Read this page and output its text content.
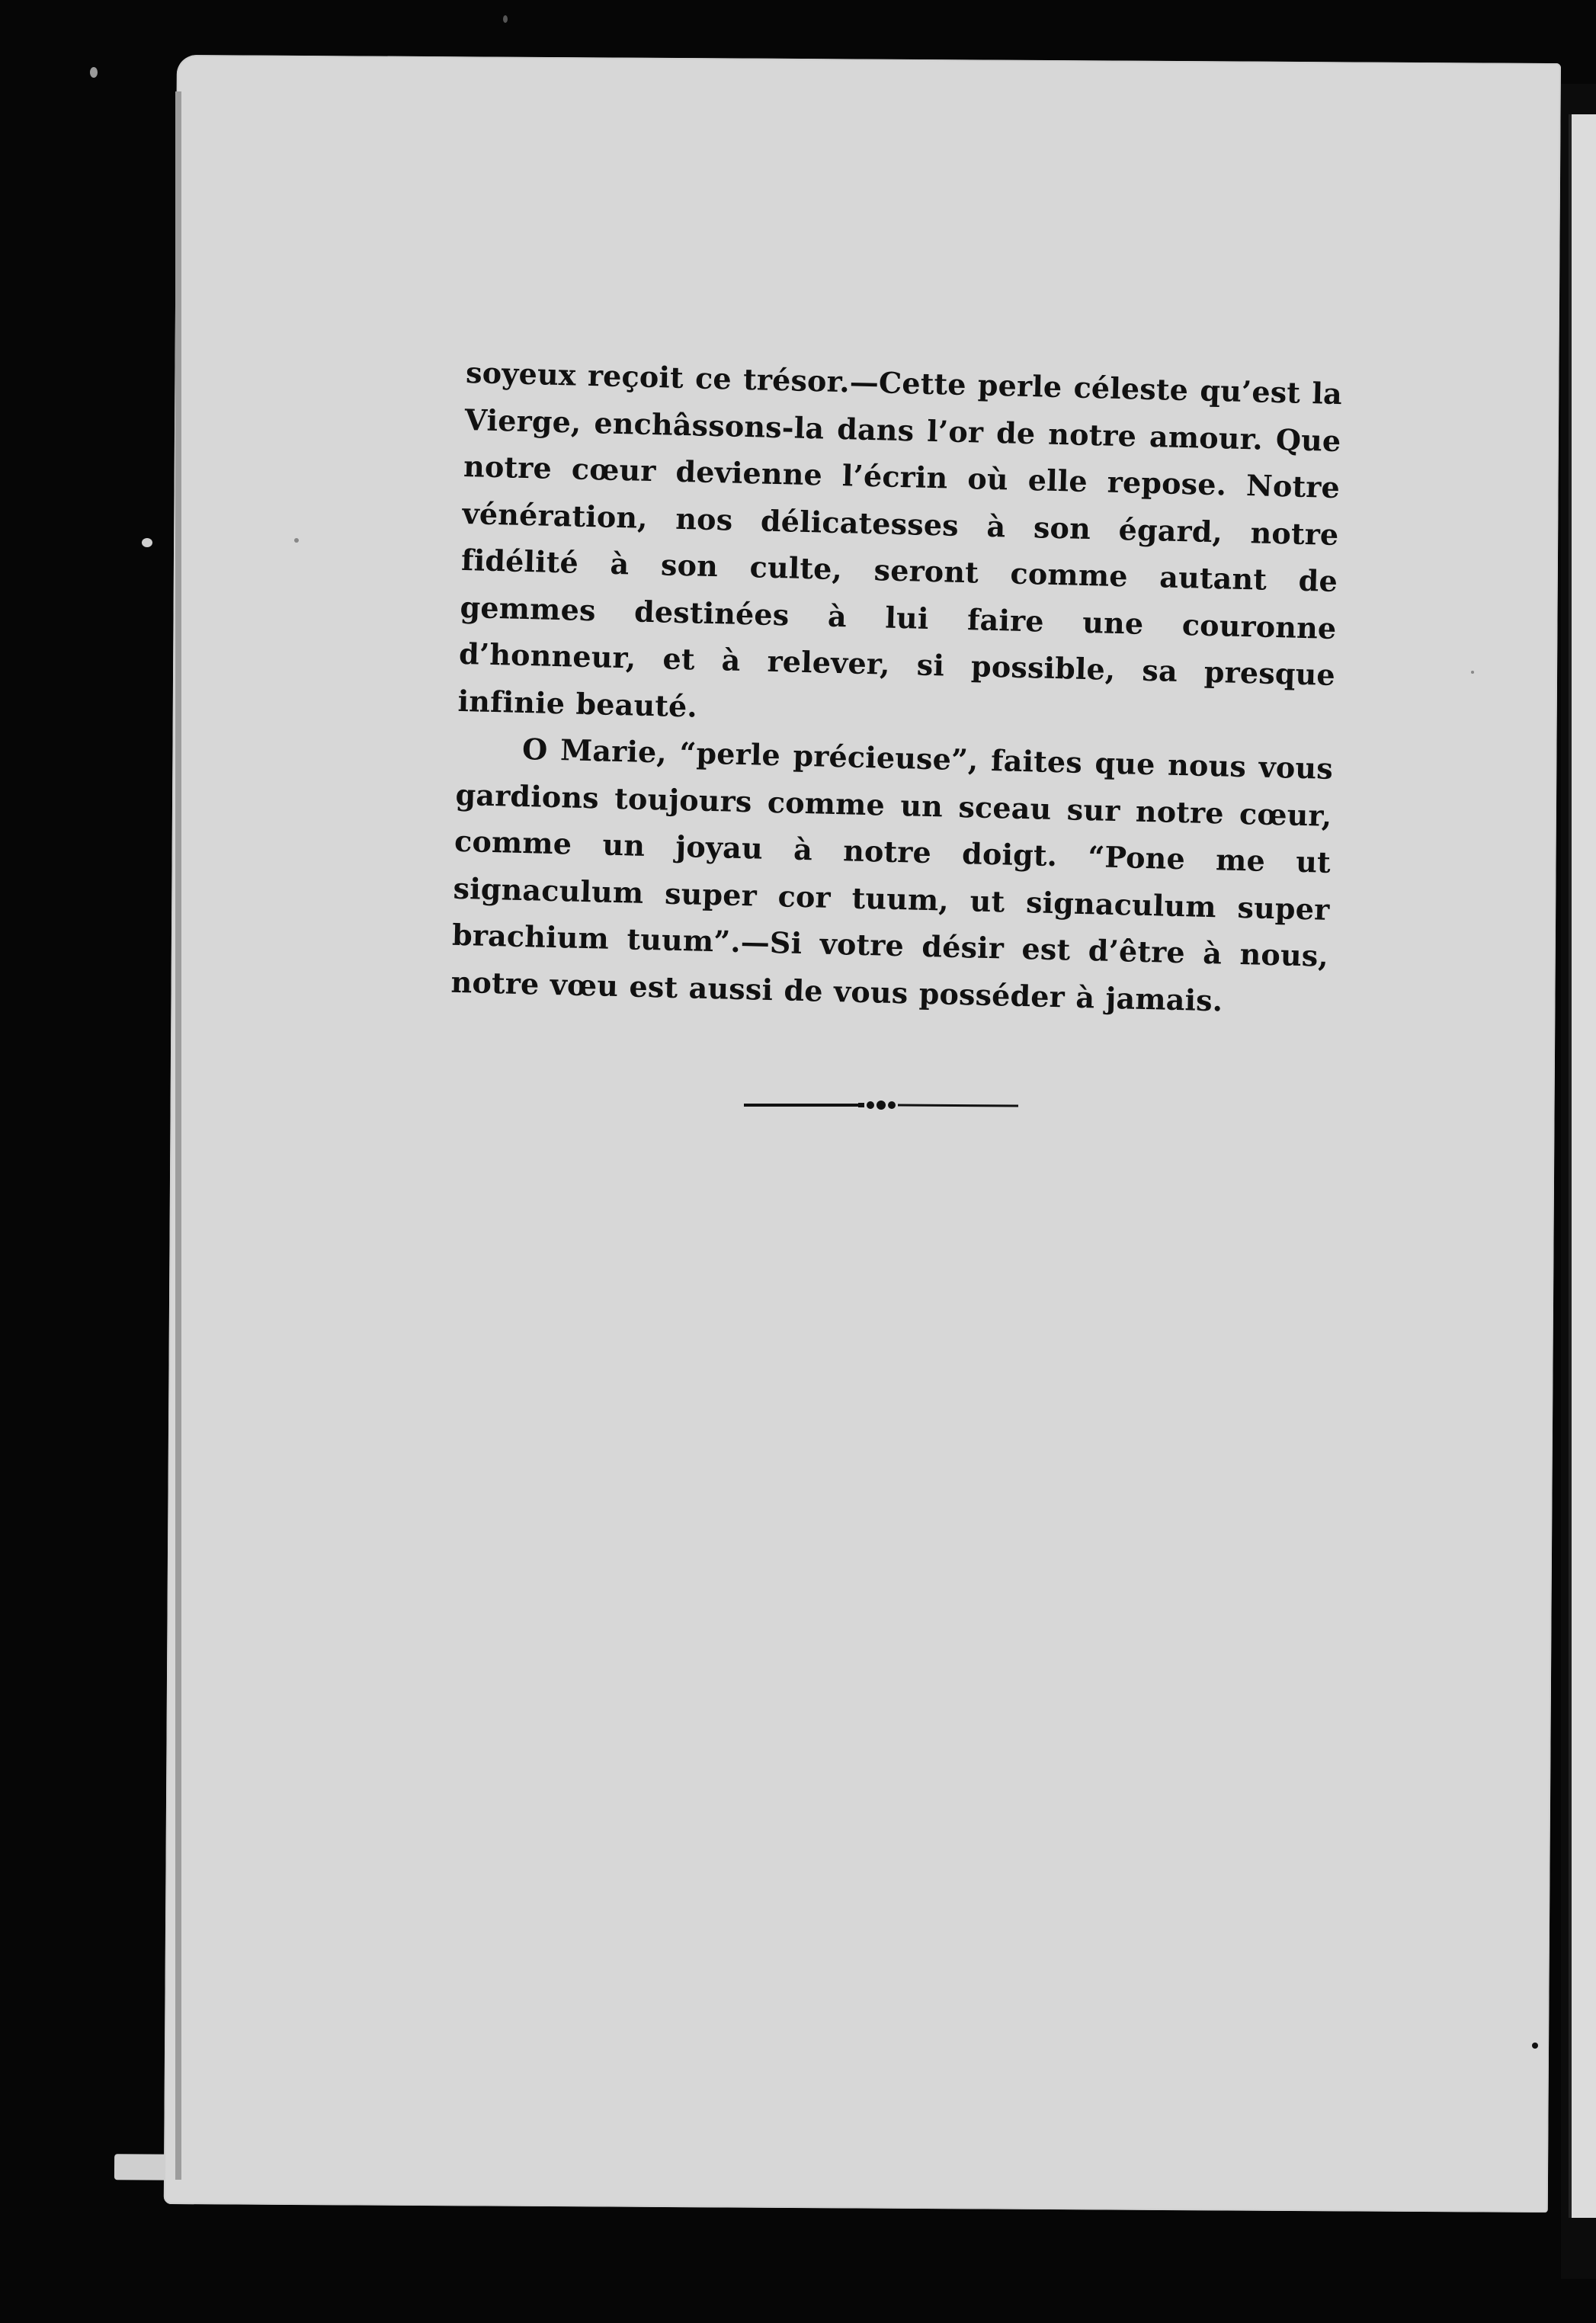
soyeux reçoit ce trésor.—Cette perle céleste qu’est la Vierge, enchâssons-la dans l’or de notre amour. Que notre cœur devienne l’écrin où elle repose. Notre vénération, nos délicatesses à son égard, notre fidélité à son culte, seront comme autant de gemmes destinées à lui faire une couronne d’honneur, et à relever, si possible, sa presque infinie beauté.

O Marie, “perle précieuse”, faites que nous vous gardions toujours comme un sceau sur notre cœur, comme un joyau à notre doigt. “Pone me ut signaculum super cor tuum, ut signaculum super brachium tuum”.—Si votre désir est d’être à nous, notre vœu est aussi de vous posséder à jamais.
